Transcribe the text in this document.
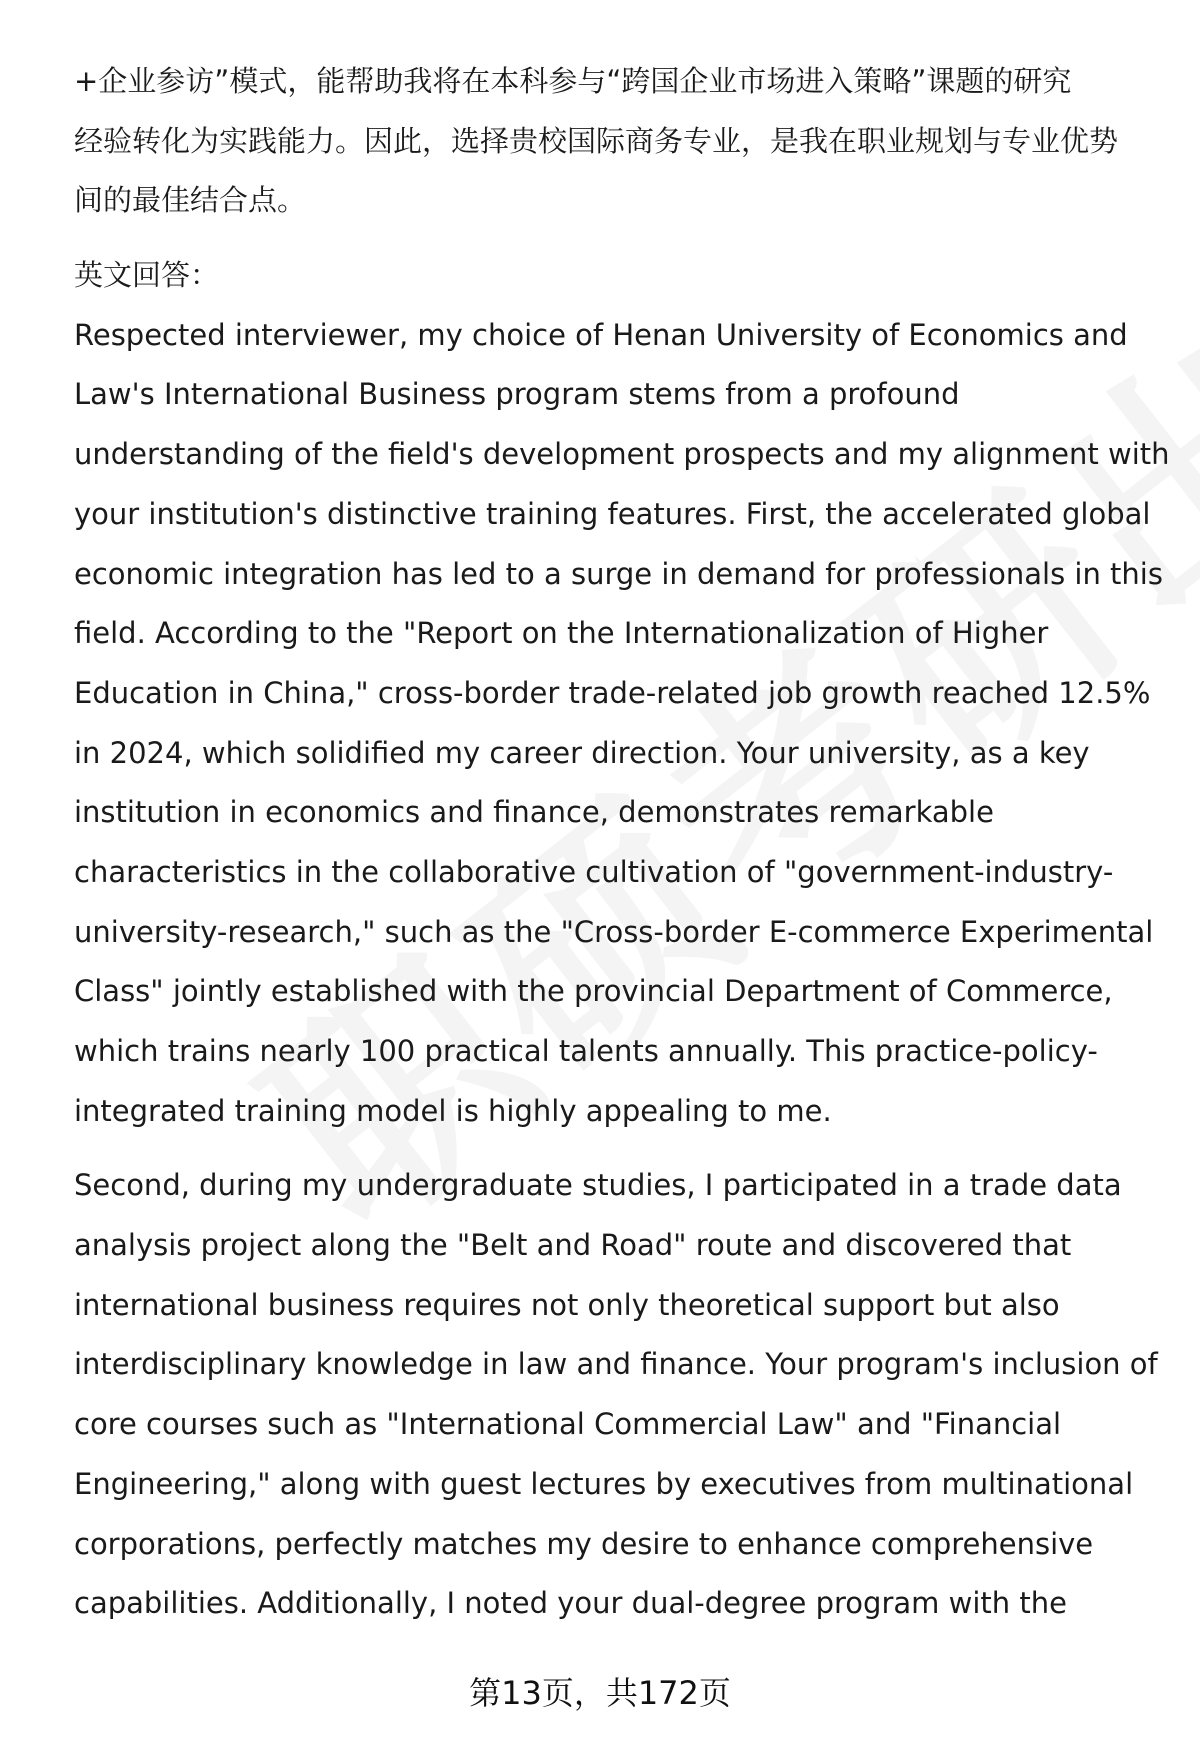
+企业参访”模式，能帮助我将在本科参与“跨国企业市场进入策略”课题的研究
经验转化为实践能力。因此，选择贵校国际商务专业，是我在职业规划与专业优势
间的最佳结合点。
英文回答：
Respected interviewer, my choice of Henan University of Economics and
Law's International Business program stems from a profound
understanding of the field's development prospects and my alignment with
your institution's distinctive training features. First, the accelerated global
economic integration has led to a surge in demand for professionals in this
field. According to the "Report on the Internationalization of Higher
Education in China," cross-border trade-related job growth reached 12.5%
in 2024, which solidified my career direction. Your university, as a key
institution in economics and finance, demonstrates remarkable
characteristics in the collaborative cultivation of "government-industry-
university-research," such as the "Cross-border E-commerce Experimental
Class" jointly established with the provincial Department of Commerce,
which trains nearly 100 practical talents annually. This practice-policy-
integrated training model is highly appealing to me.
Second, during my undergraduate studies, I participated in a trade data
analysis project along the "Belt and Road" route and discovered that
international business requires not only theoretical support but also
interdisciplinary knowledge in law and finance. Your program's inclusion of
core courses such as "International Commercial Law" and "Financial
Engineering," along with guest lectures by executives from multinational
corporations, perfectly matches my desire to enhance comprehensive
capabilities. Additionally, I noted your dual-degree program with the
第13页，共172页
